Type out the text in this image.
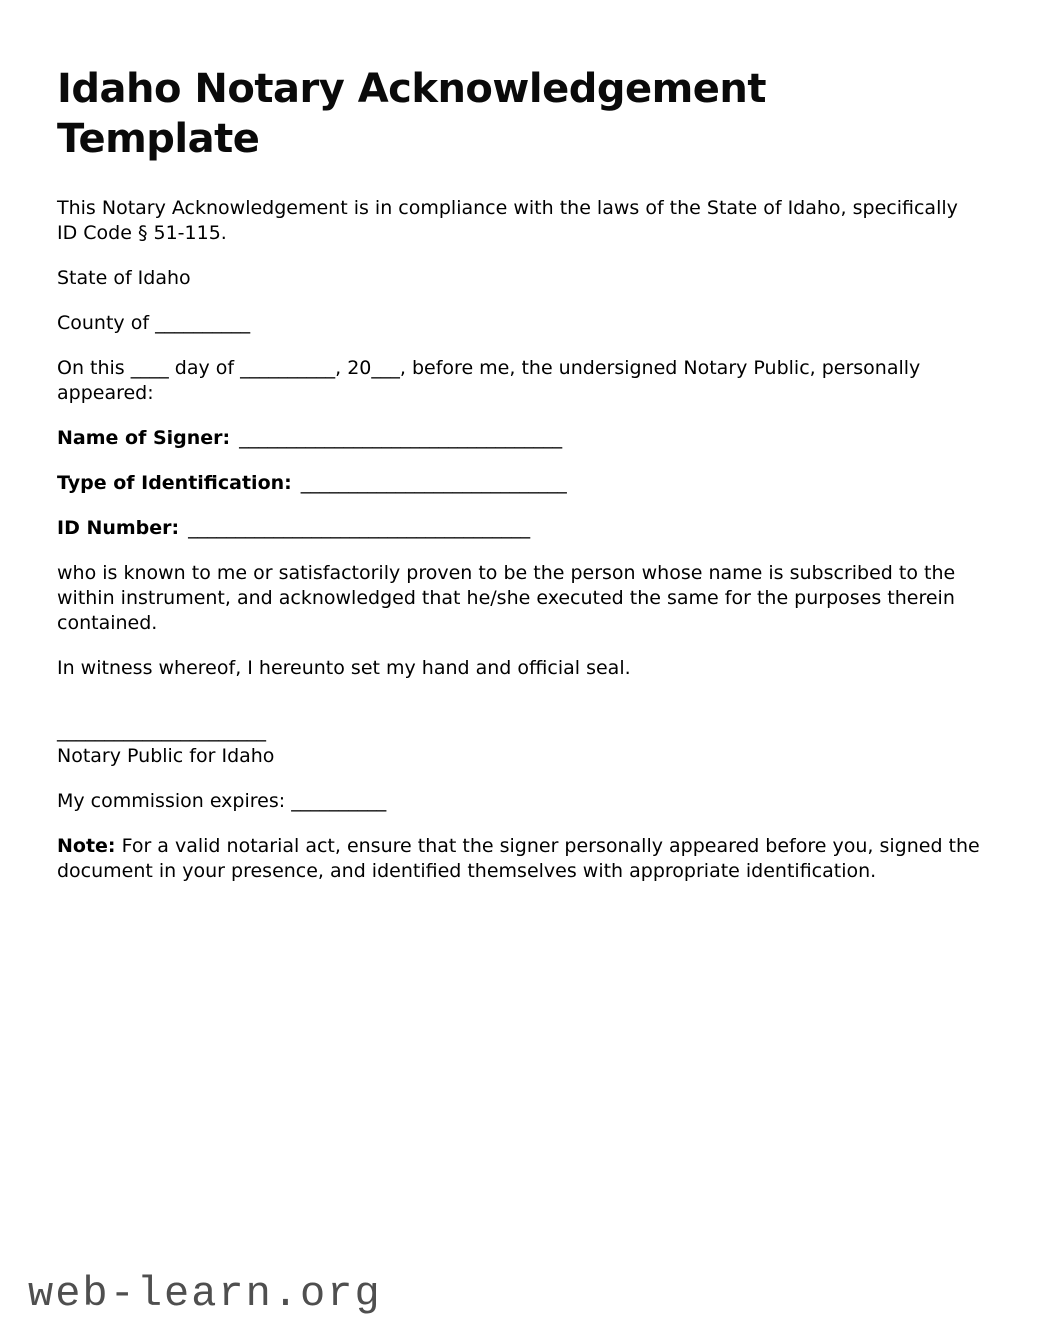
Idaho Notary Acknowledgement
Template

This Notary Acknowledgement is in compliance with the laws of the State of Idaho, specifically ID Code § 51-115.

State of Idaho

County of __________

On this ____ day of __________, 20___, before me, the undersigned Notary Public, personally appeared:

Name of Signer: __________________________________

Type of Identification: ____________________________

ID Number: ____________________________________

who is known to me or satisfactorily proven to be the person whose name is subscribed to the within instrument, and acknowledged that he/she executed the same for the purposes therein contained.

In witness whereof, I hereunto set my hand and official seal.

______________________
Notary Public for Idaho

My commission expires: __________

Note: For a valid notarial act, ensure that the signer personally appeared before you, signed the document in your presence, and identified themselves with appropriate identification.

web-learn.org
